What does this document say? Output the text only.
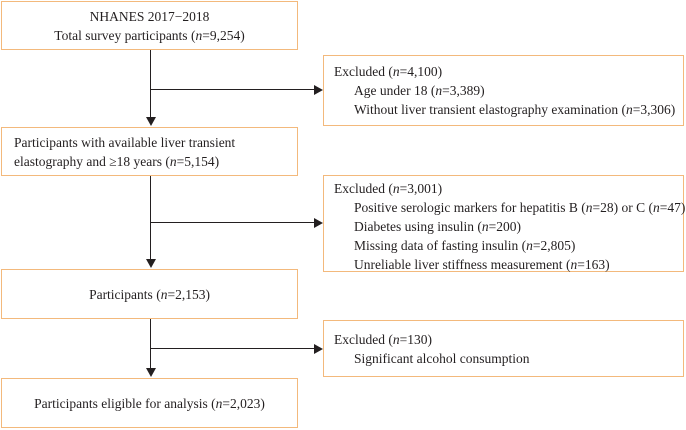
NHANES 2017−2018
Total survey participants (n=9,254)
Participants with available liver transient
elastography and ≥18 years (n=5,154)
Participants (n=2,153)
Participants eligible for analysis (n=2,023)
Excluded (n=4,100)
Age under 18 (n=3,389)
Without liver transient elastography examination (n=3,306)
Excluded (n=3,001)
Positive serologic markers for hepatitis B (n=28) or C (n=47)
Diabetes using insulin (n=200)
Missing data of fasting insulin (n=2,805)
Unreliable liver stiffness measurement (n=163)
Excluded (n=130)
Significant alcohol consumption
